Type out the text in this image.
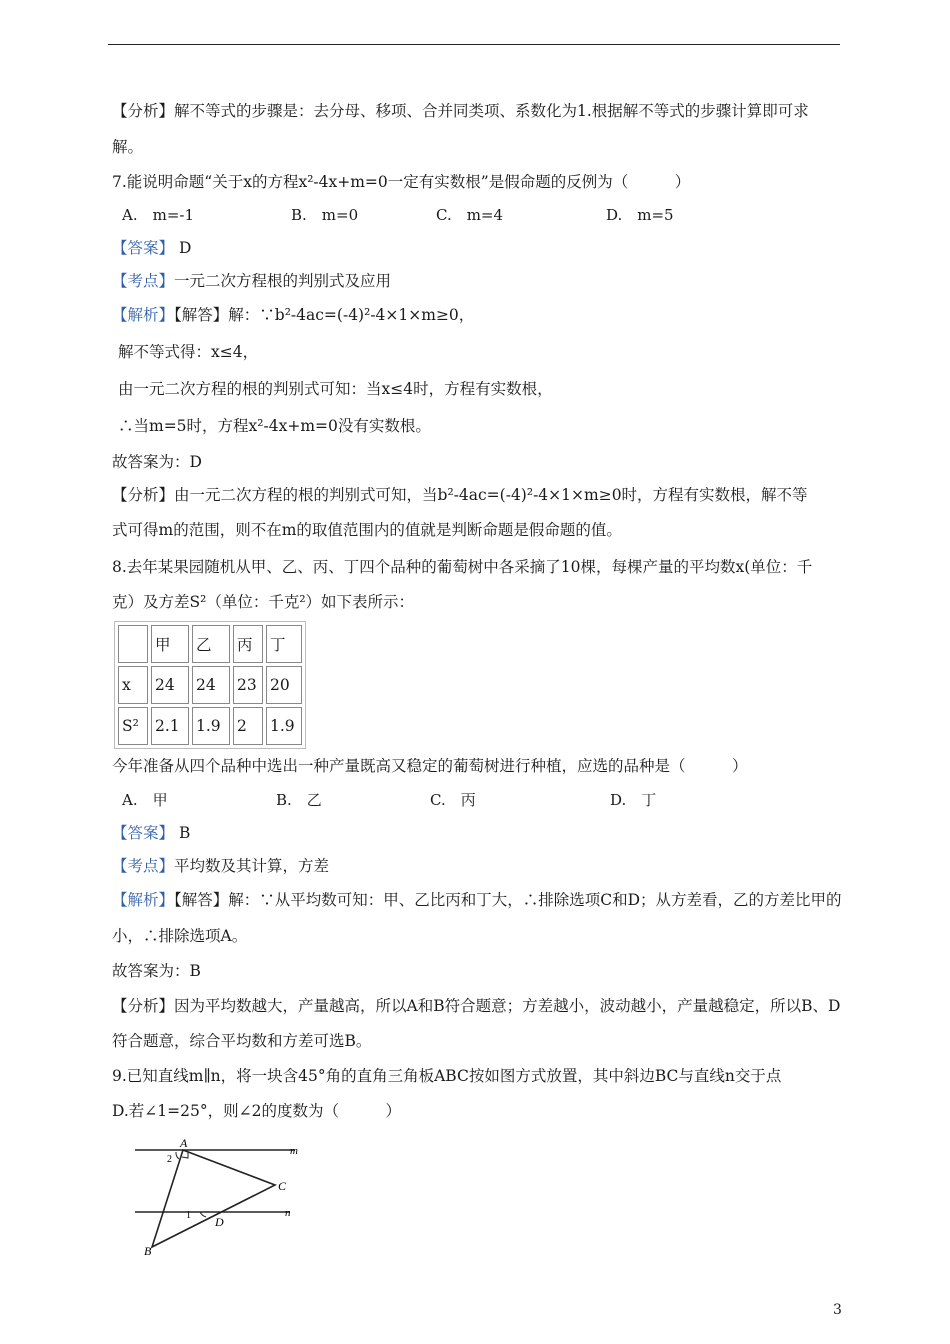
【分析】解不等式的步骤是：去分母、移项、合并同类项、系数化为1.根据解不等式的步骤计算即可求
解。
7.能说明命题“关于x的方程x²-4x+m=0一定有实数根”是假命题的反例为（　　　）
A.　m=-1	B.　m=0	C.　m=4	D.　m=5
【答案】 D
【考点】一元二次方程根的判别式及应用
【解析】【解答】解：∵b²-4ac=(-4)²-4×1×m≥0，
解不等式得：x≤4，
由一元二次方程的根的判别式可知：当x≤4时，方程有实数根，
∴当m=5时，方程x²-4x+m=0没有实数根。
故答案为：D
【分析】由一元二次方程的根的判别式可知，当b²-4ac=(-4)²-4×1×m≥0时，方程有实数根，解不等
式可得m的范围，则不在m的取值范围内的值就是判断命题是假命题的值。
8.去年某果园随机从甲、乙、丙、丁四个品种的葡萄树中各采摘了10棵，每棵产量的平均数x(单位：千
克）及方差S²（单位：千克²）如下表所示：
	甲	乙	丙	丁
x	24	24	23	20
S²	2.1	1.9	2	1.9
今年准备从四个品种中选出一种产量既高又稳定的葡萄树进行种植，应选的品种是（　　　）
A.　甲	B.　乙	C.　丙	D.　丁
【答案】 B
【考点】平均数及其计算，方差
【解析】【解答】解：∵从平均数可知：甲、乙比丙和丁大，∴排除选项C和D；从方差看，乙的方差比甲的
小，∴排除选项A。
故答案为：B
【分析】因为平均数越大，产量越高，所以A和B符合题意；方差越小，波动越小，产量越稳定，所以B、D
符合题意，综合平均数和方差可选B。
9.已知直线m∥n，将一块含45°角的直角三角板ABC按如图方式放置，其中斜边BC与直线n交于点
D.若∠1=25°，则∠2的度数为（　　　）
A
C
D
B
m
n
1
2
3
